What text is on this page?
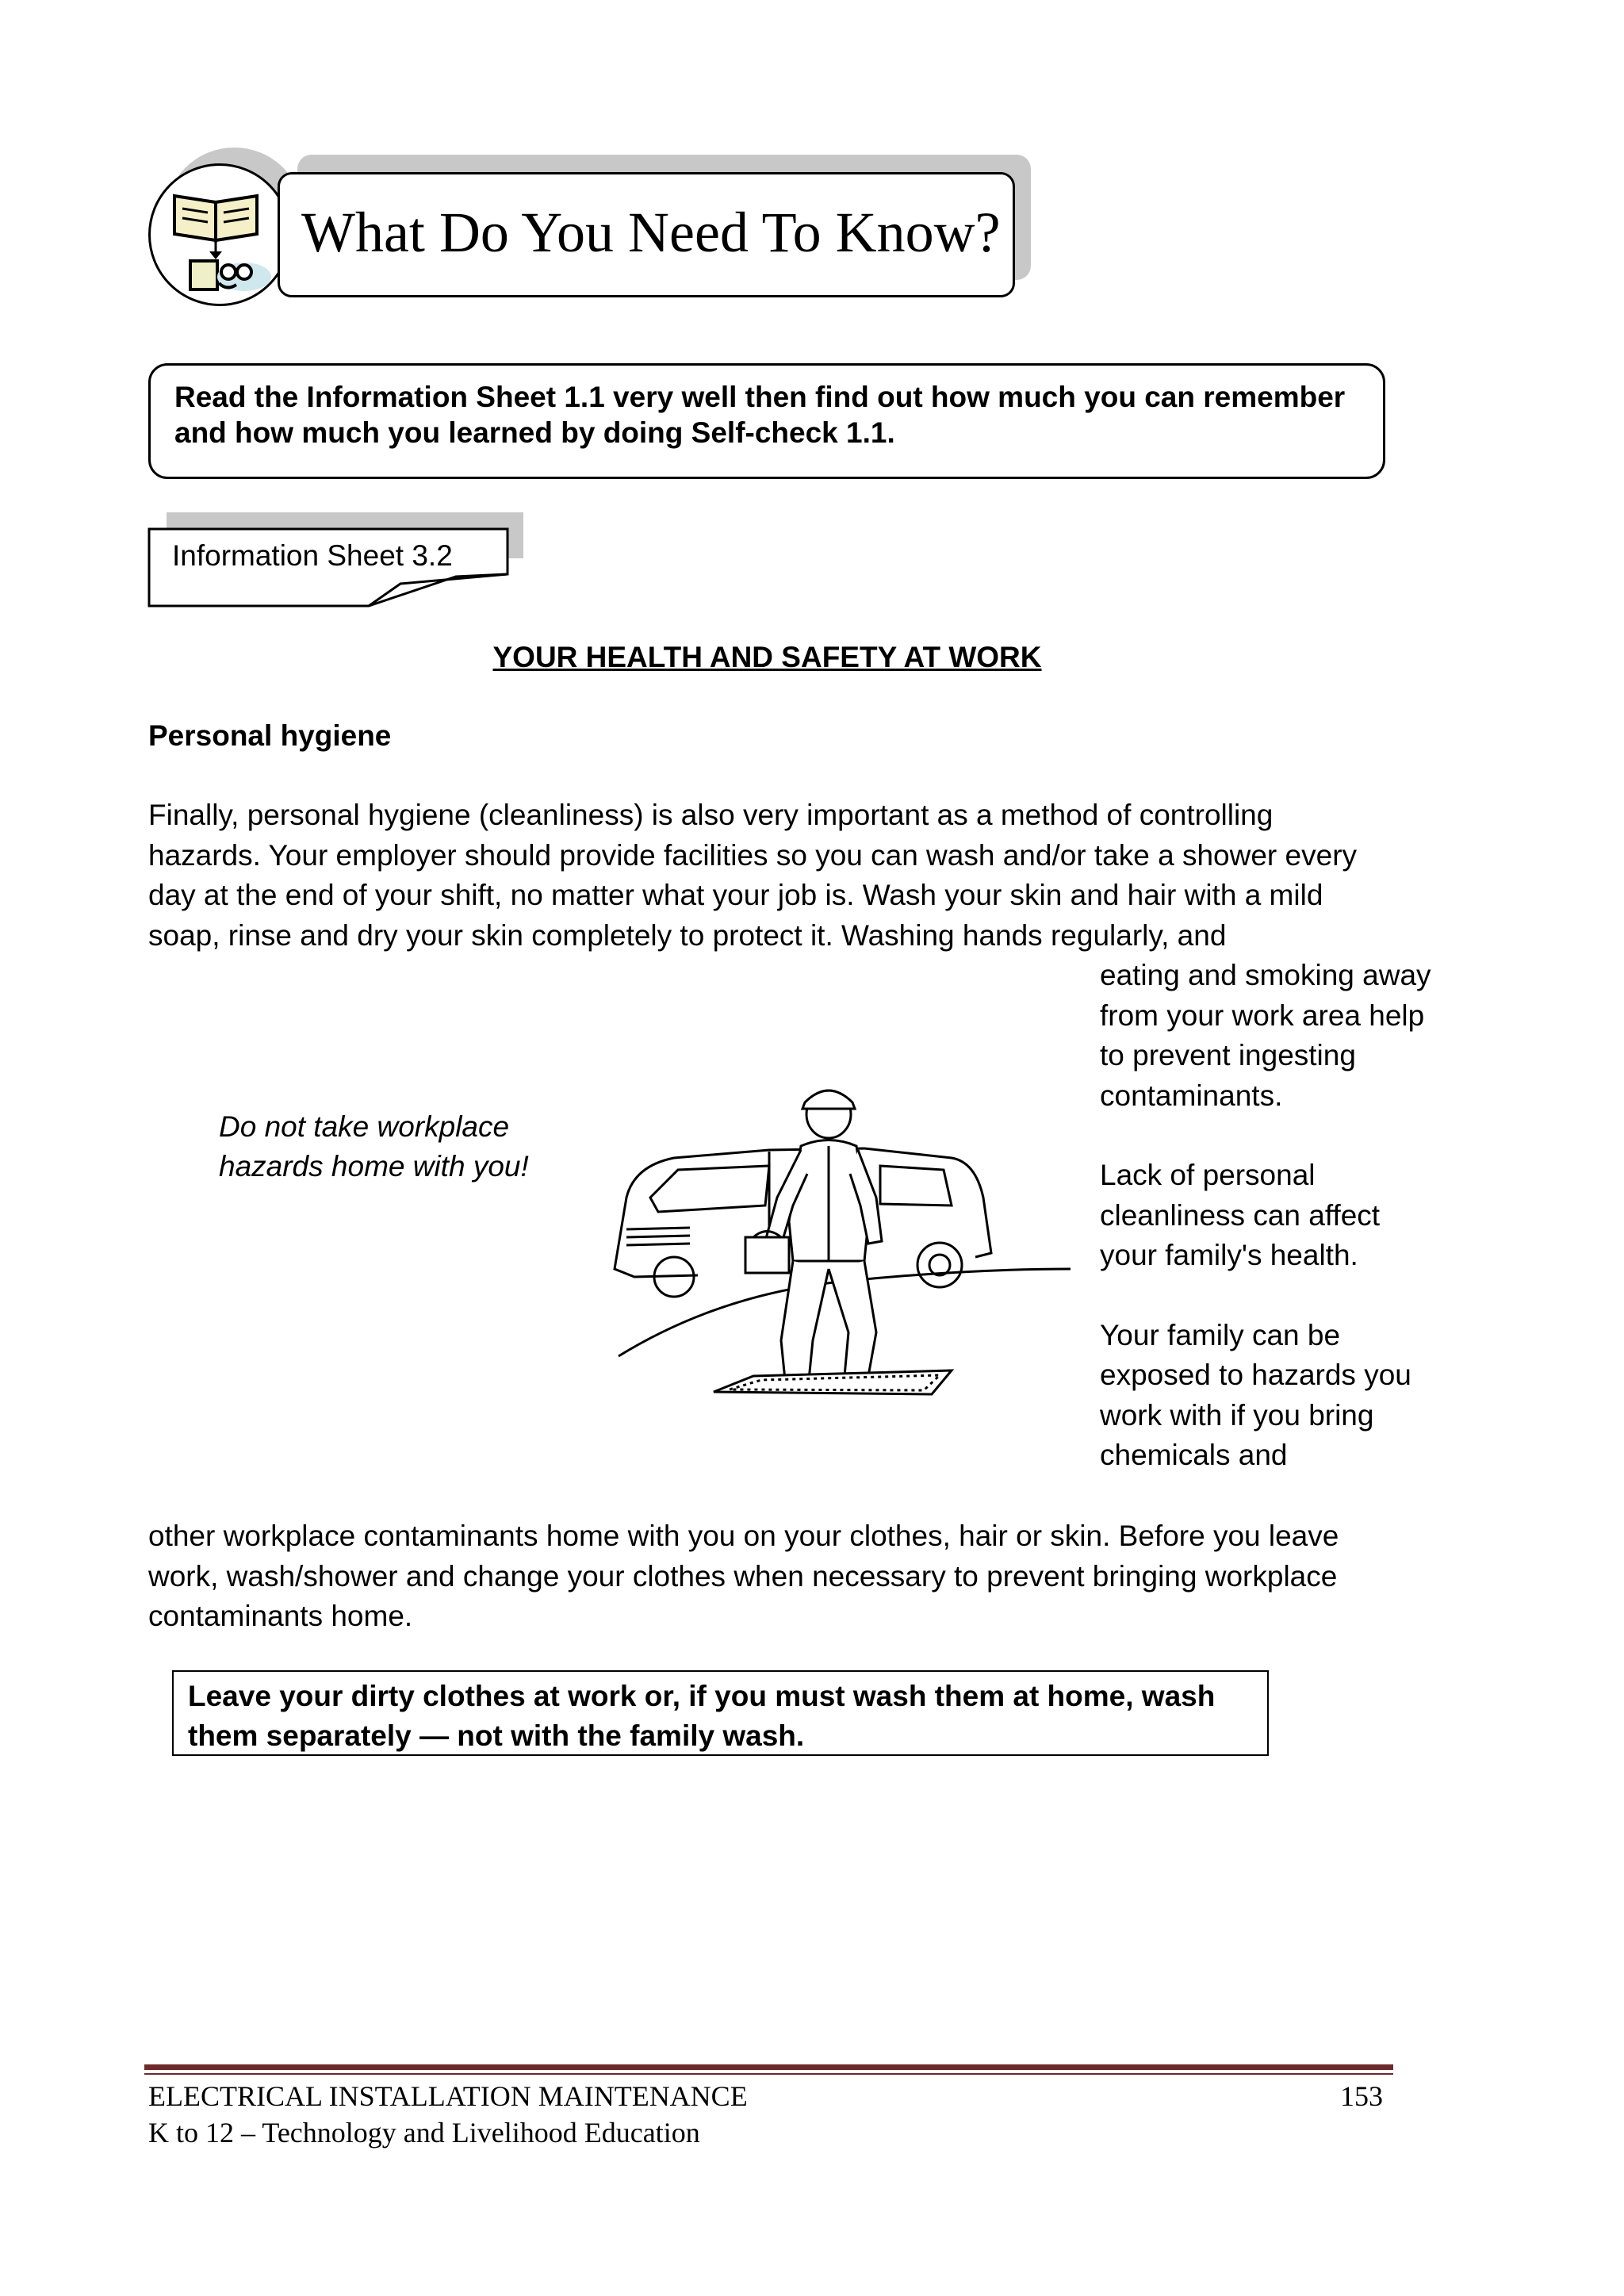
What Do You Need To Know?
Read the Information Sheet 1.1 very well then find out how much you can remember and how much you learned by doing Self-check 1.1.
Information Sheet 3.2
YOUR HEALTH AND SAFETY AT WORK
Personal hygiene
Finally, personal hygiene (cleanliness) is also very important as a method of controlling hazards. Your employer should provide facilities so you can wash and/or take a shower every day at the end of your shift, no matter what your job is. Wash your skin and hair with a mild soap, rinse and dry your skin completely to protect it. Washing hands regularly, and
eating and smoking away from your work area help to prevent ingesting contaminants.
Lack of personal cleanliness can affect your family's health.
Your family can be exposed to hazards you work with if you bring chemicals and
Do not take workplace hazards home with you!
other workplace contaminants home with you on your clothes, hair or skin. Before you leave work, wash/shower and change your clothes when necessary to prevent bringing workplace contaminants home.
Leave your dirty clothes at work or, if you must wash them at home, wash them separately — not with the family wash.
ELECTRICAL INSTALLATION MAINTENANCE
K to 12 – Technology and Livelihood Education
153
